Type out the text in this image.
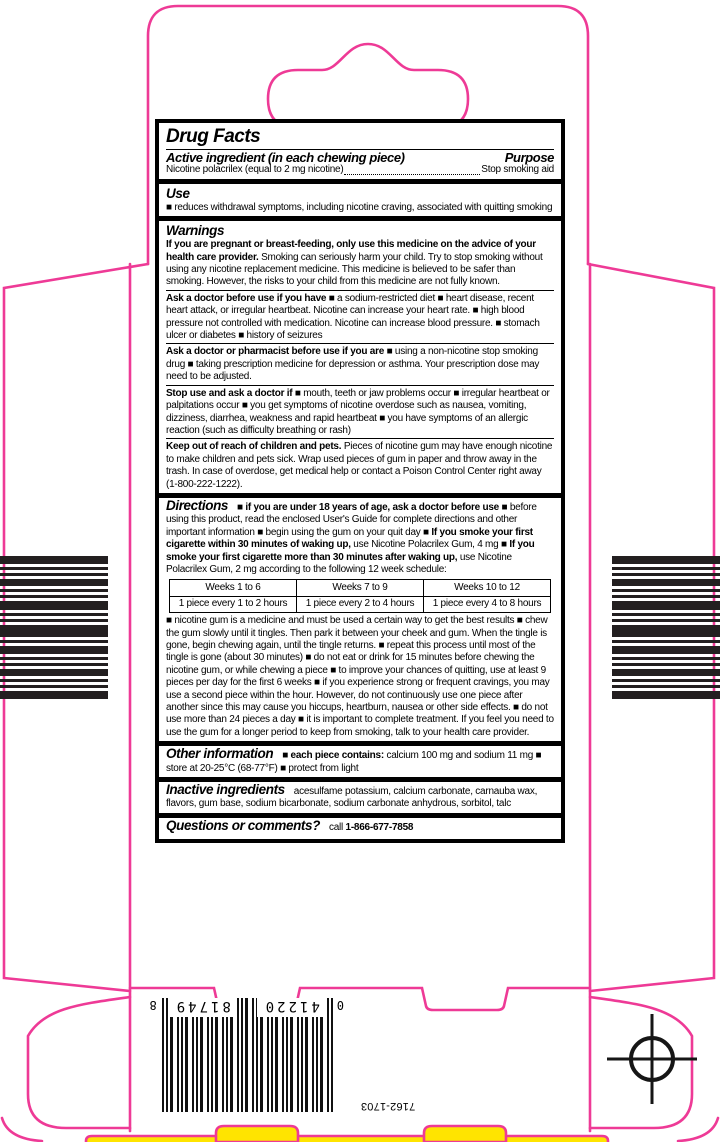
Drug Facts
Active ingredient (in each chewing piece)	Purpose
Nicotine polacrilex (equal to 2 mg nicotine)	Stop smoking aid
Use

■ reduces withdrawal symptoms, including nicotine craving, associated with quitting smoking

Warnings

If you are pregnant or breast-feeding, only use this medicine on the advice of your health care provider. Smoking can seriously harm your child. Try to stop smoking without using any nicotine replacement medicine. This medicine is believed to be safer than smoking. However, the risks to your child from this medicine are not fully known.

Ask a doctor before use if you have ■ a sodium-restricted diet ■ heart disease, recent heart attack, or irregular heartbeat. Nicotine can increase your heart rate. ■ high blood pressure not controlled with medication. Nicotine can increase blood pressure. ■ stomach ulcer or diabetes ■ history of seizures

Ask a doctor or pharmacist before use if you are ■ using a non-nicotine stop smoking drug ■ taking prescription medicine for depression or asthma. Your prescription dose may need to be adjusted.

Stop use and ask a doctor if ■ mouth, teeth or jaw problems occur ■ irregular heartbeat or palpitations occur ■ you get symptoms of nicotine overdose such as nausea, vomiting, dizziness, diarrhea, weakness and rapid heartbeat ■ you have symptoms of an allergic reaction (such as difficulty breathing or rash)

Keep out of reach of children and pets. Pieces of nicotine gum may have enough nicotine to make children and pets sick. Wrap used pieces of gum in paper and throw away in the trash. In case of overdose, get medical help or contact a Poison Control Center right away (1-800-222-1222).

Directions ■ if you are under 18 years of age, ask a doctor before use ■ before using this product, read the enclosed User's Guide for complete directions and other important information ■ begin using the gum on your quit day ■ If you smoke your first cigarette within 30 minutes of waking up, use Nicotine Polacrilex Gum, 4 mg ■ If you smoke your first cigarette more than 30 minutes after waking up, use Nicotine Polacrilex Gum, 2 mg according to the following 12 week schedule:

Weeks 1 to 6	Weeks 7 to 9	Weeks 10 to 12
1 piece every 1 to 2 hours	1 piece every 2 to 4 hours	1 piece every 4 to 8 hours

■ nicotine gum is a medicine and must be used a certain way to get the best results ■ chew the gum slowly until it tingles. Then park it between your cheek and gum. When the tingle is gone, begin chewing again, until the tingle returns. ■ repeat this process until most of the tingle is gone (about 30 minutes) ■ do not eat or drink for 15 minutes before chewing the nicotine gum, or while chewing a piece ■ to improve your chances of quitting, use at least 9 pieces per day for the first 6 weeks ■ if you experience strong or frequent cravings, you may use a second piece within the hour. However, do not continuously use one piece after another since this may cause you hiccups, heartburn, nausea or other side effects. ■ do not use more than 24 pieces a day ■ it is important to complete treatment. If you feel you need to use the gum for a longer period to keep from smoking, talk to your health care provider.

Other information ■ each piece contains: calcium 100 mg and sodium 11 mg ■ store at 20-25°C (68-77°F) ■ protect from light

Inactive ingredients acesulfame potassium, calcium carbonate, carnauba wax, flavors, gum base, sodium bicarbonate, sodium carbonate anhydrous, sorbitol, talc

Questions or comments? call 1-866-677-7858

0
41220
81749
8
7162-1703
